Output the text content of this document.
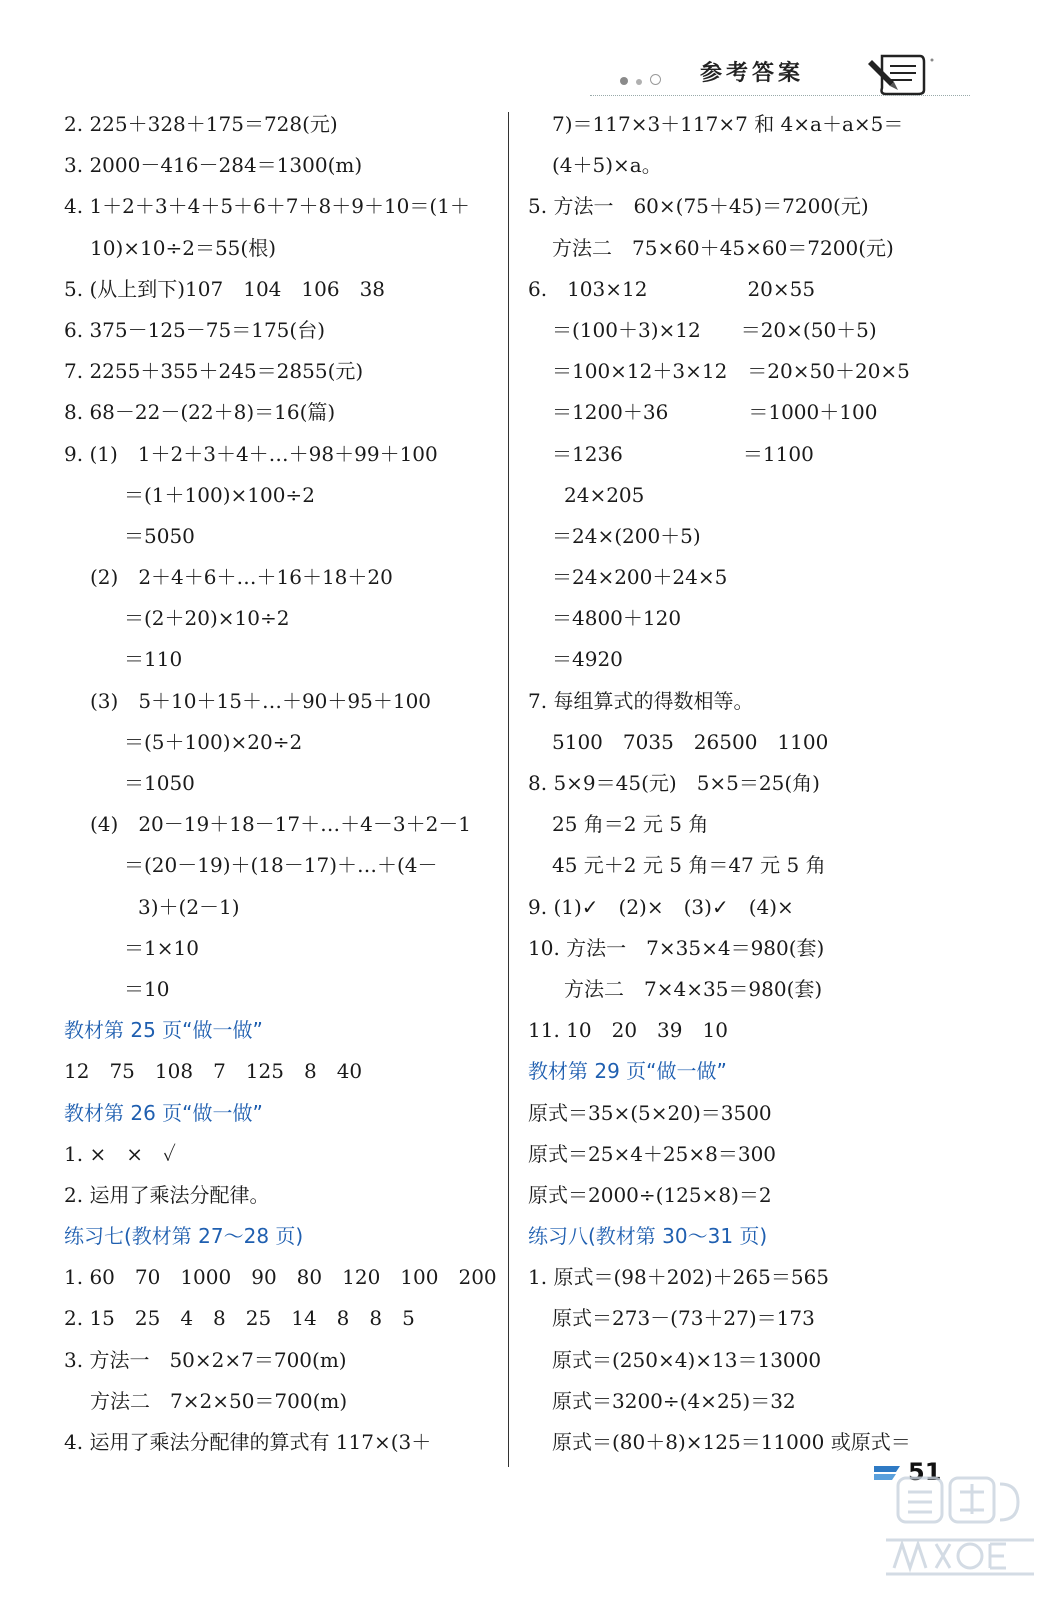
参考答案
2. 225＋328＋175＝728(元)
3. 2000－416－284＝1300(m)
4. 1＋2＋3＋4＋5＋6＋7＋8＋9＋10＝(1＋
10)×10÷2＝55(根)
5. (从上到下)107　104　106　38
6. 375－125－75＝175(台)
7. 2255＋355＋245＝2855(元)
8. 68－22－(22＋8)＝16(篇)
9. (1)　1＋2＋3＋4＋…＋98＋99＋100
＝(1＋100)×100÷2
＝5050
(2)　2＋4＋6＋…＋16＋18＋20
＝(2＋20)×10÷2
＝110
(3)　5＋10＋15＋…＋90＋95＋100
＝(5＋100)×20÷2
＝1050
(4)　20－19＋18－17＋…＋4－3＋2－1
＝(20－19)＋(18－17)＋…＋(4－
3)＋(2－1)
＝1×10
＝10
教材第 25 页“做一做”
12　75　108　7　125　8　40
教材第 26 页“做一做”
1. ×　×　✓
2. 运用了乘法分配律。
练习七(教材第 27～28 页)
1. 60　70　1000　90　80　120　100　200
2. 15　25　4　8　25　14　8　8　5
3. 方法一　50×2×7＝700(m)
方法二　7×2×50＝700(m)
4. 运用了乘法分配律的算式有 117×(3＋
7)＝117×3＋117×7 和 4×a＋a×5＝
(4＋5)×a。
5. 方法一　60×(75＋45)＝7200(元)
方法二　75×60＋45×60＝7200(元)
6.　103×12　　　　　20×55
＝(100＋3)×12　　＝20×(50＋5)
＝100×12＋3×12　＝20×50＋20×5
＝1200＋36　　　　＝1000＋100
＝1236　　　　　　＝1100
24×205
＝24×(200＋5)
＝24×200＋24×5
＝4800＋120
＝4920
7. 每组算式的得数相等。
5100　7035　26500　1100
8. 5×9＝45(元)　5×5＝25(角)
25 角＝2 元 5 角
45 元＋2 元 5 角＝47 元 5 角
9. (1)✓　(2)×　(3)✓　(4)×
10. 方法一　7×35×4＝980(套)
方法二　7×4×35＝980(套)
11. 10　20　39　10
教材第 29 页“做一做”
原式＝35×(5×20)＝3500
原式＝25×4＋25×8＝300
原式＝2000÷(125×8)＝2
练习八(教材第 30～31 页)
1. 原式＝(98＋202)＋265＝565
原式＝273－(73＋27)＝173
原式＝(250×4)×13＝13000
原式＝3200÷(4×25)＝32
原式＝(80＋8)×125＝11000 或原式＝
51
